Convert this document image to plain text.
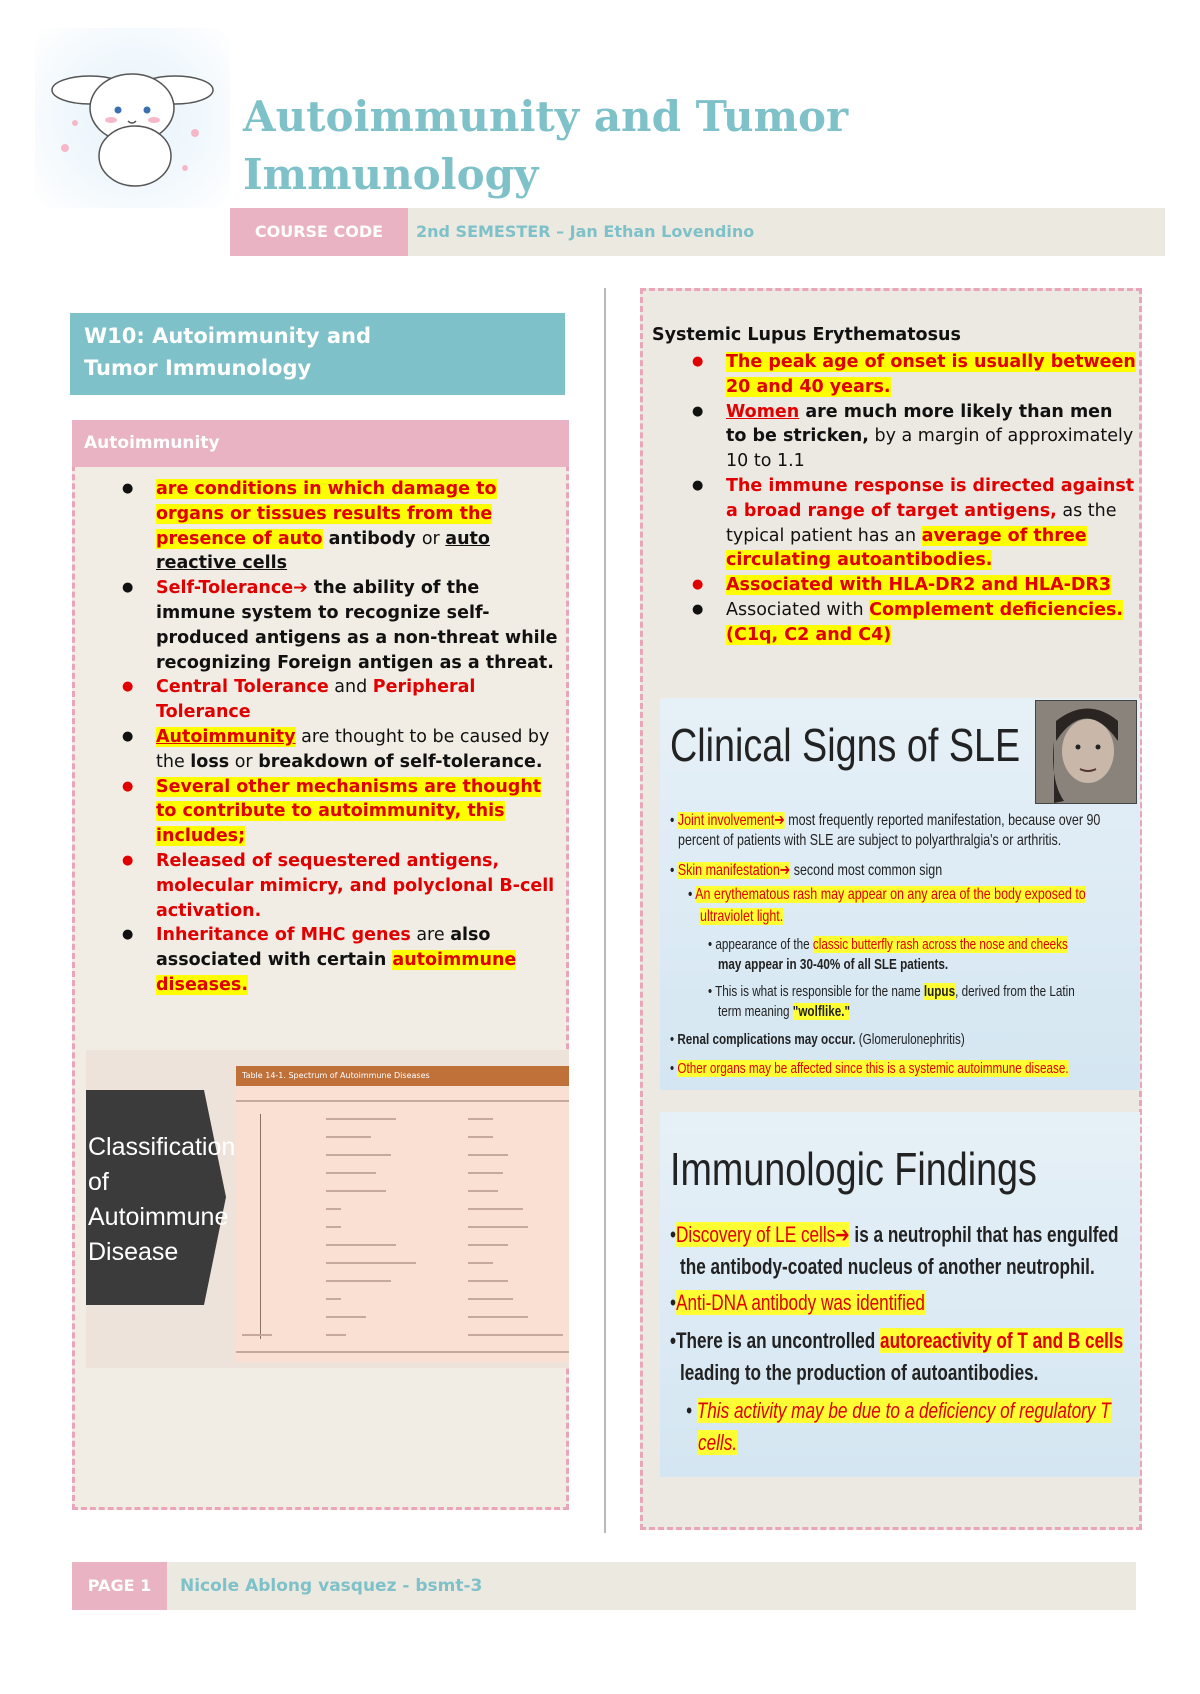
Autoimmunity and Tumor
Immunology
COURSE CODE	2nd SEMESTER – Jan Ethan Lovendino
W10: Autoimmunity and
Tumor Immunology
Autoimmunity
● are conditions in which damage to organs or tissues results from the presence of auto antibody or auto reactive cells
● Self-Tolerance➔ the ability of the immune system to recognize self-produced antigens as a non-threat while recognizing Foreign antigen as a threat.
● Central Tolerance and Peripheral Tolerance
● Autoimmunity are thought to be caused by the loss or breakdown of self-tolerance.
● Several other mechanisms are thought to contribute to autoimmunity, this includes;
● Released of sequestered antigens, molecular mimicry, and polyclonal B-cell activation.
● Inheritance of MHC genes are also associated with certain autoimmune diseases.
Classification of Autoimmune Disease
Table 14-1. Spectrum of Autoimmune Diseases
Systemic Lupus Erythematosus
● The peak age of onset is usually between 20 and 40 years.
● Women are much more likely than men to be stricken, by a margin of approximately 10 to 1.1
● The immune response is directed against a broad range of target antigens, as the typical patient has an average of three circulating autoantibodies.
● Associated with HLA-DR2 and HLA-DR3
● Associated with Complement deficiencies. (C1q, C2 and C4)
Clinical Signs of SLE
• Joint involvement➔ most frequently reported manifestation, because over 90
percent of patients with SLE are subject to polyarthralgia's or arthritis.
• Skin manifestation➔ second most common sign
• An erythematous rash may appear on any area of the body exposed to
ultraviolet light.
• appearance of the classic butterfly rash across the nose and cheeks
may appear in 30-40% of all SLE patients.
• This is what is responsible for the name lupus, derived from the Latin
term meaning "wolflike."
• Renal complications may occur. (Glomerulonephritis)
• Other organs may be affected since this is a systemic autoimmune disease.
Immunologic Findings
•Discovery of LE cells➔ is a neutrophil that has engulfed
the antibody-coated nucleus of another neutrophil.
•Anti-DNA antibody was identified
•There is an uncontrolled autoreactivity of T and B cells
leading to the production of autoantibodies.
• This activity may be due to a deficiency of regulatory T
cells.
PAGE 1	Nicole Ablong vasquez - bsmt-3
